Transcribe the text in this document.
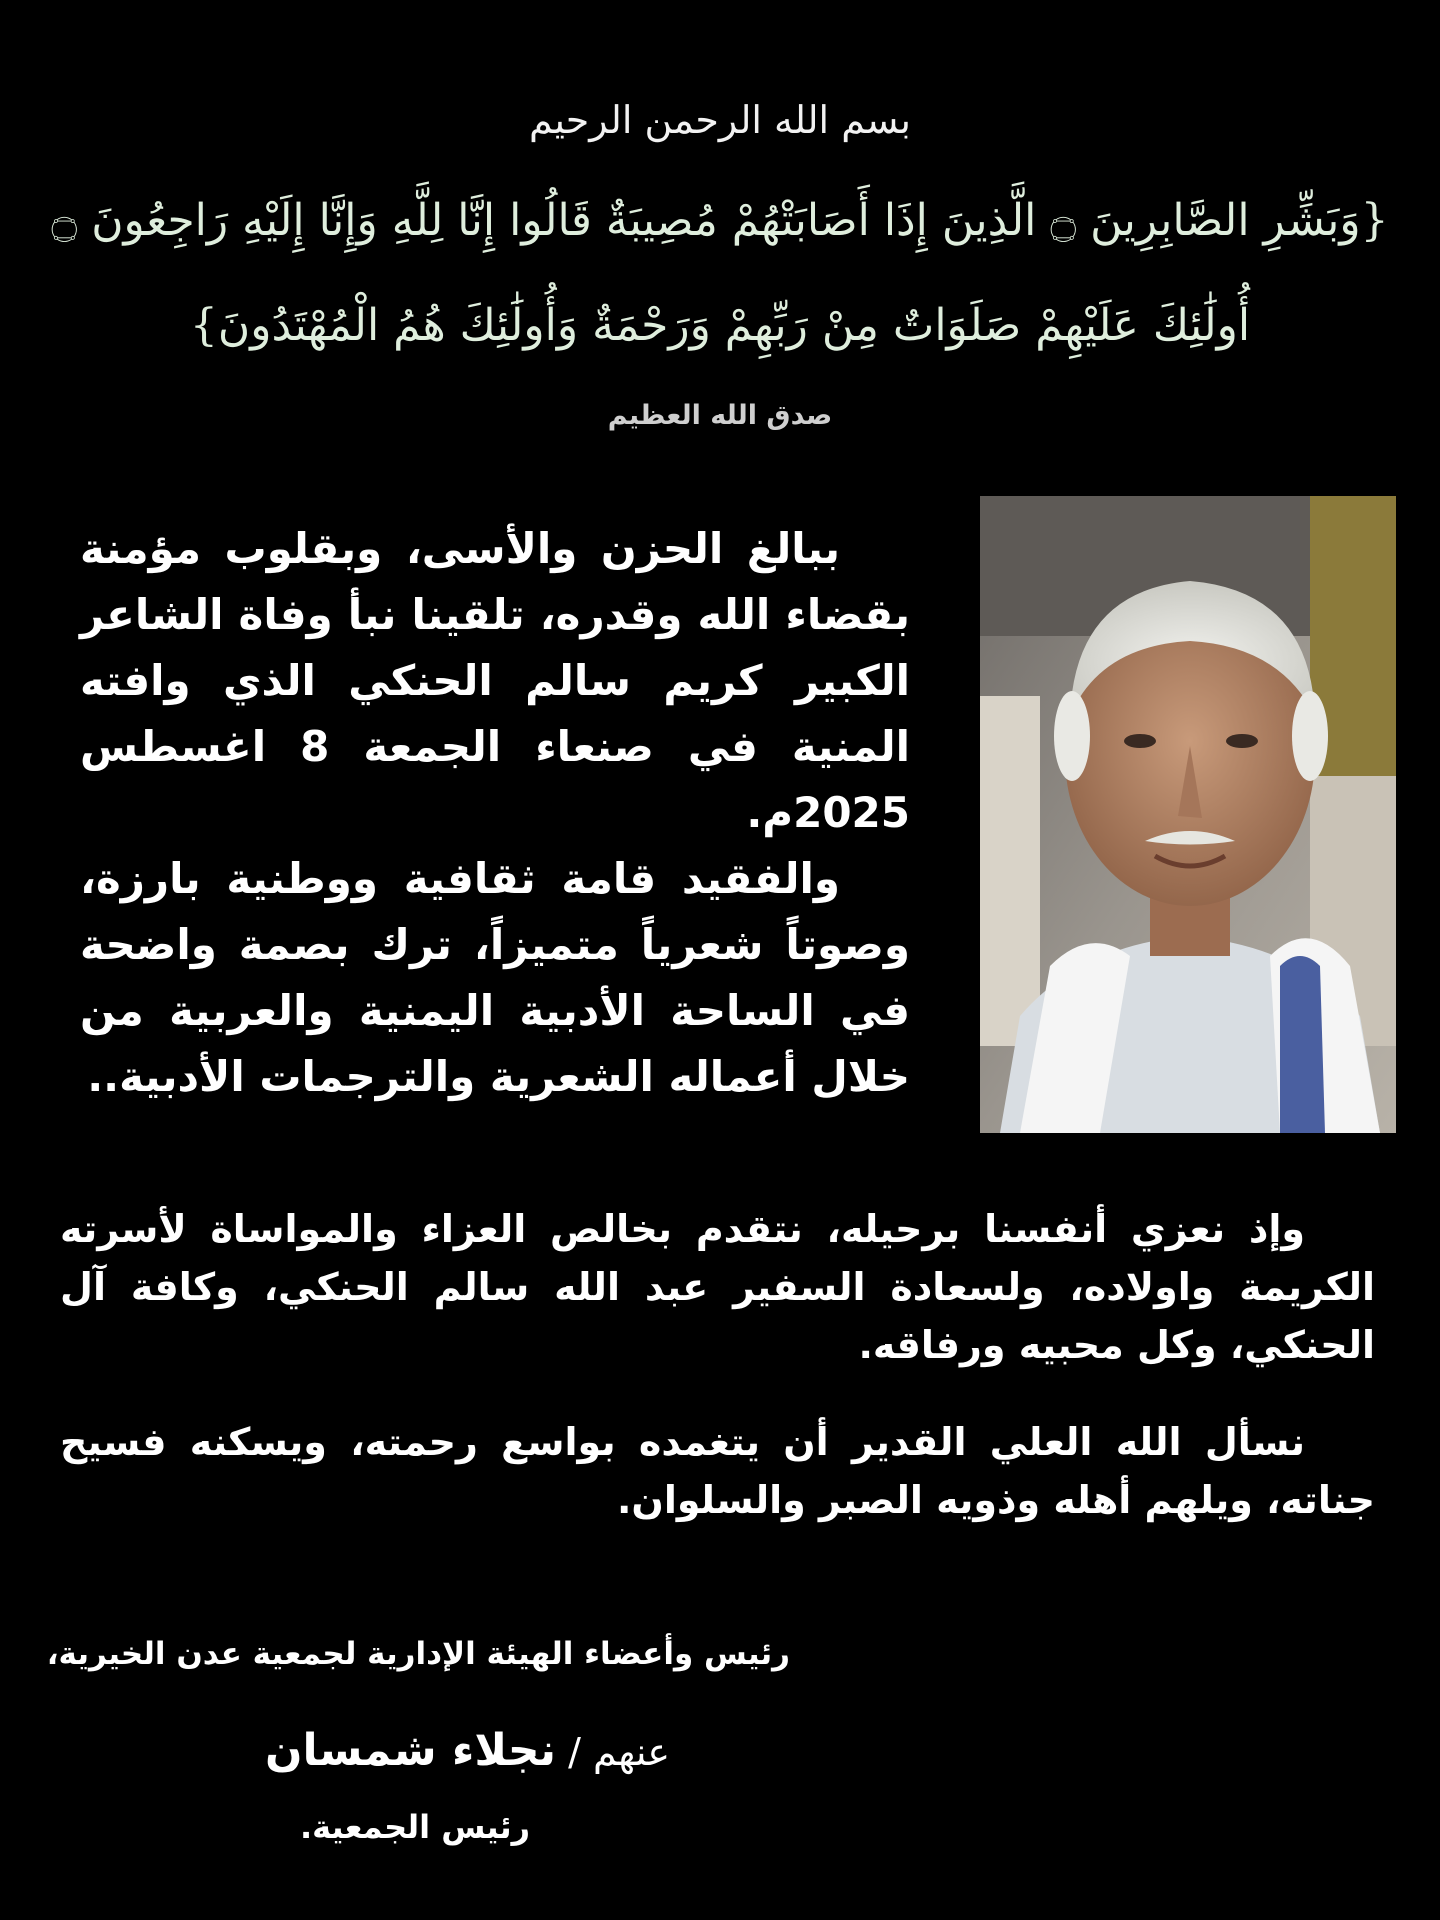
بسم الله الرحمن الرحيم
{وَبَشِّرِ الصَّابِرِينَ ۝ الَّذِينَ إِذَا أَصَابَتْهُمْ مُصِيبَةٌ قَالُوا إِنَّا لِلَّهِ وَإِنَّا إِلَيْهِ رَاجِعُونَ ۝
أُولَٰئِكَ عَلَيْهِمْ صَلَوَاتٌ مِنْ رَبِّهِمْ وَرَحْمَةٌ وَأُولَٰئِكَ هُمُ الْمُهْتَدُونَ}
صدق الله العظيم
ببالغ الحزن والأسى، وبقلوب مؤمنة بقضاء الله وقدره، تلقينا نبأ وفاة الشاعر الكبير كريم سالم الحنكي الذي وافته المنية في صنعاء الجمعة 8 اغسطس 2025م.
والفقيد قامة ثقافية ووطنية بارزة، وصوتاً شعرياً متميزاً، ترك بصمة واضحة في الساحة الأدبية اليمنية والعربية من خلال أعماله الشعرية والترجمات الأدبية..
وإذ نعزي أنفسنا برحيله، نتقدم بخالص العزاء والمواساة لأسرته الكريمة واولاده، ولسعادة السفير عبد الله سالم الحنكي، وكافة آل الحنكي، وكل محبيه ورفاقه.
نسأل الله العلي القدير أن يتغمده بواسع رحمته، ويسكنه فسيح جناته، ويلهم أهله وذويه الصبر والسلوان.
رئيس وأعضاء الهيئة الإدارية لجمعية عدن الخيرية،
عنهم / نجلاء شمسان
رئيس الجمعية.
